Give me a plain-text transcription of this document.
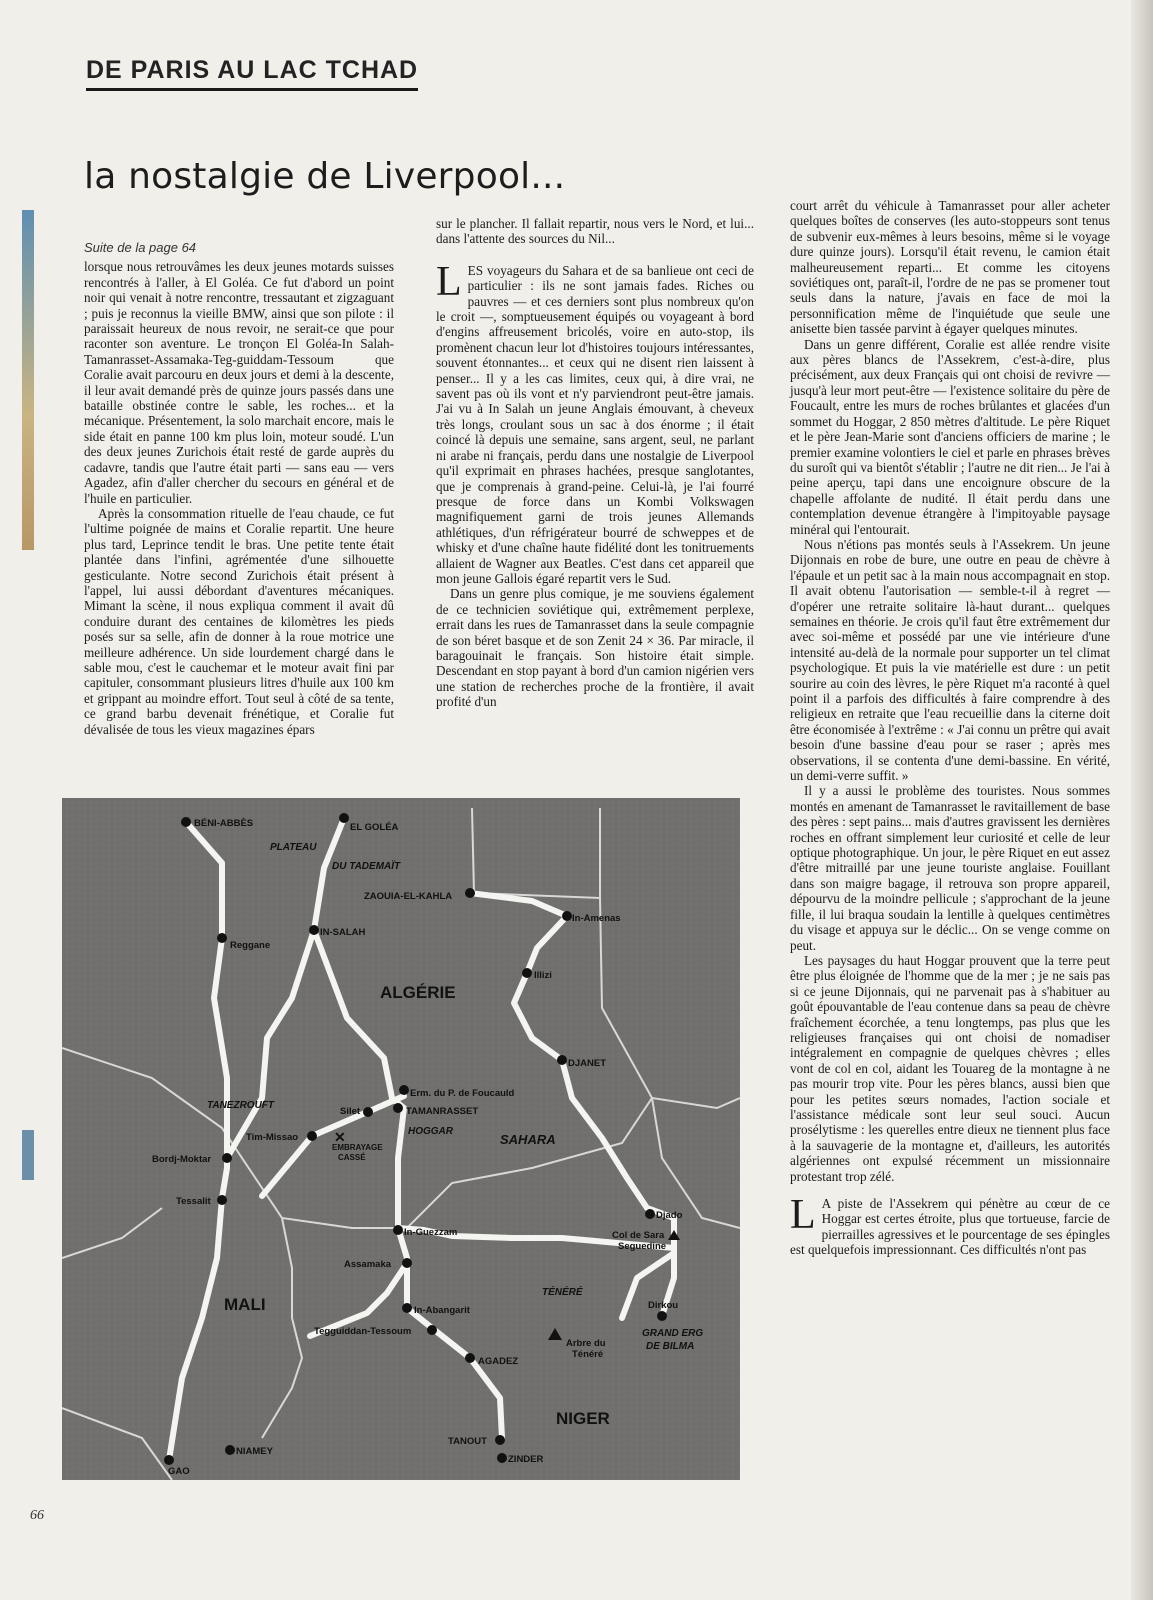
DE PARIS AU LAC TCHAD
la nostalgie de Liverpool...
Suite de la page 64

lorsque nous retrouvâmes les deux jeunes motards suisses rencontrés à l'aller, à El Goléa. Ce fut d'abord un point noir qui venait à notre rencontre, tressautant et zigzaguant ; puis je reconnus la vieille BMW, ainsi que son pilote : il paraissait heureux de nous revoir, ne serait-ce que pour raconter son aventure. Le tronçon El Goléa-In Salah-Tamanrasset-Assamaka-Teg-guiddam-Tessoum que Coralie avait parcouru en deux jours et demi à la descente, il leur avait demandé près de quinze jours passés dans une bataille obstinée contre le sable, les roches... et la mécanique. Présentement, la solo marchait encore, mais le side était en panne 100 km plus loin, moteur soudé. L'un des deux jeunes Zurichois était resté de garde auprès du cadavre, tandis que l'autre était parti — sans eau — vers Agadez, afin d'aller chercher du secours en général et de l'huile en particulier.

Après la consommation rituelle de l'eau chaude, ce fut l'ultime poignée de mains et Coralie repartit. Une heure plus tard, Leprince tendit le bras. Une petite tente était plantée dans l'infini, agrémentée d'une silhouette gesticulante. Notre second Zurichois était présent à l'appel, lui aussi débordant d'aventures mécaniques. Mimant la scène, il nous expliqua comment il avait dû conduire durant des centaines de kilomètres les pieds posés sur sa selle, afin de donner à la roue motrice une meilleure adhérence. Un side lourdement chargé dans le sable mou, c'est le cauchemar et le moteur avait fini par capituler, consommant plusieurs litres d'huile aux 100 km et grippant au moindre effort. Tout seul à côté de sa tente, ce grand barbu devenait frénétique, et Coralie fut dévalisée de tous les vieux magazines épars

sur le plancher. Il fallait repartir, nous vers le Nord, et lui... dans l'attente des sources du Nil...

LES voyageurs du Sahara et de sa banlieue ont ceci de particulier : ils ne sont jamais fades. Riches ou pauvres — et ces derniers sont plus nombreux qu'on le croit —, somptueusement équipés ou voyageant à bord d'engins affreusement bricolés, voire en auto-stop, ils promènent chacun leur lot d'histoires toujours intéressantes, souvent étonnantes... et ceux qui ne disent rien laissent à penser... Il y a les cas limites, ceux qui, à dire vrai, ne savent pas où ils vont et n'y parviendront peut-être jamais. J'ai vu à In Salah un jeune Anglais émouvant, à cheveux très longs, croulant sous un sac à dos énorme ; il était coincé là depuis une semaine, sans argent, seul, ne parlant ni arabe ni français, perdu dans une nostalgie de Liverpool qu'il exprimait en phrases hachées, presque sanglotantes, que je comprenais à grand-peine. Celui-là, je l'ai fourré presque de force dans un Kombi Volkswagen magnifiquement garni de trois jeunes Allemands athlétiques, d'un réfrigérateur bourré de schweppes et de whisky et d'une chaîne haute fidélité dont les tonitruements allaient de Wagner aux Beatles. C'est dans cet appareil que mon jeune Gallois égaré repartit vers le Sud.

Dans un genre plus comique, je me souviens également de ce technicien soviétique qui, extrêmement perplexe, errait dans les rues de Tamanrasset dans la seule compagnie de son béret basque et de son Zenit 24 × 36. Par miracle, il baragouinait le français. Son histoire était simple. Descendant en stop payant à bord d'un camion nigérien vers une station de recherches proche de la frontière, il avait profité d'un

court arrêt du véhicule à Tamanrasset pour aller acheter quelques boîtes de conserves (les auto-stoppeurs sont tenus de subvenir eux-mêmes à leurs besoins, même si le voyage dure quinze jours). Lorsqu'il était revenu, le camion était malheureusement reparti... Et comme les citoyens soviétiques ont, paraît-il, l'ordre de ne pas se promener tout seuls dans la nature, j'avais en face de moi la personnification même de l'inquiétude que seule une anisette bien tassée parvint à égayer quelques minutes.

Dans un genre différent, Coralie est allée rendre visite aux pères blancs de l'Assekrem, c'est-à-dire, plus précisément, aux deux Français qui ont choisi de revivre — jusqu'à leur mort peut-être — l'existence solitaire du père de Foucault, entre les murs de roches brûlantes et glacées d'un sommet du Hoggar, 2 850 mètres d'altitude. Le père Riquet et le père Jean-Marie sont d'anciens officiers de marine ; le premier examine volontiers le ciel et parle en phrases brèves du suroît qui va bientôt s'établir ; l'autre ne dit rien... Je l'ai à peine aperçu, tapi dans une encoignure obscure de la chapelle affolante de nudité. Il était perdu dans une contemplation devenue étrangère à l'impitoyable paysage minéral qui l'entourait.

Nous n'étions pas montés seuls à l'Assekrem. Un jeune Dijonnais en robe de bure, une outre en peau de chèvre à l'épaule et un petit sac à la main nous accompagnait en stop. Il avait obtenu l'autorisation — semble-t-il à regret — d'opérer une retraite solitaire là-haut durant... quelques semaines en théorie. Je crois qu'il faut être extrêmement dur avec soi-même et possédé par une vie intérieure d'une intensité au-delà de la normale pour supporter un tel climat psychologique. Et puis la vie matérielle est dure : un petit sourire au coin des lèvres, le père Riquet m'a raconté à quel point il a parfois des difficultés à faire comprendre à des religieux en retraite que l'eau recueillie dans la citerne doit être économisée à l'extrême : « J'ai connu un prêtre qui avait besoin d'une bassine d'eau pour se raser ; après mes observations, il se contenta d'une demi-bassine. En vérité, un demi-verre suffit. »

Il y a aussi le problème des touristes. Nous sommes montés en amenant de Tamanrasset le ravitaillement de base des pères : sept pains... mais d'autres gravissent les dernières roches en offrant simplement leur curiosité et celle de leur optique photographique. Un jour, le père Riquet en eut assez d'être mitraillé par une jeune touriste anglaise. Fouillant dans son maigre bagage, il retrouva son propre appareil, dépourvu de la moindre pellicule ; s'approchant de la jeune fille, il lui braqua soudain la lentille à quelques centimètres du visage et appuya sur le déclic... On se venge comme on peut.

Les paysages du haut Hoggar prouvent que la terre peut être plus éloignée de l'homme que de la mer ; je ne sais pas si ce jeune Dijonnais, qui ne parvenait pas à s'habituer au goût épouvantable de l'eau contenue dans sa peau de chèvre fraîchement écorchée, a tenu longtemps, pas plus que les religieuses françaises qui ont choisi de nomadiser intégralement en compagnie de quelques chèvres ; elles vont de col en col, aidant les Touareg de la montagne à ne pas mourir trop vite. Pour les pères blancs, aussi bien que pour les petites sœurs nomades, l'action sociale et l'assistance médicale sont leur seul souci. Aucun prosélytisme : les querelles entre dieux ne tiennent plus face à la sauvagerie de la montagne et, d'ailleurs, les autorités algériennes ont expulsé récemment un missionnaire protestant trop zélé.

L A piste de l'Assekrem qui pénètre au cœur de ce Hoggar est certes étroite, plus que tortueuse, farcie de pierrailles agressives et le pourcentage de ses épingles est quelquefois impressionnant. Ces difficultés n'ont pas

✕
BÉNI-ABBÈS	EL GOLÉA
ZAOUIA-EL-KAHLA
In-Amenas
IN-SALAH
Reggane
Illizi
DJANET
Erm. du P. de Foucauld
Silet	TAMANRASSET
Tim-Missao
EMBRAYAGE
CASSÉ
Bordj-Moktar
Tessalit
In-Guezzam
Assamaka
In-Abangarit
Tegguiddan-Tessoum
AGADEZ
TANOUT
ZINDER
GAO
NIAMEY
Djado
Col de Sara
Seguedine
Dirkou
Arbre du
Ténéré
PLATEAU
DU TADEMAÏT
TANEZROUFT
HOGGAR
TÉNÉRÉ
GRAND ERG
DE BILMA
ALGÉRIE
SAHARA
MALI
NIGER
66
